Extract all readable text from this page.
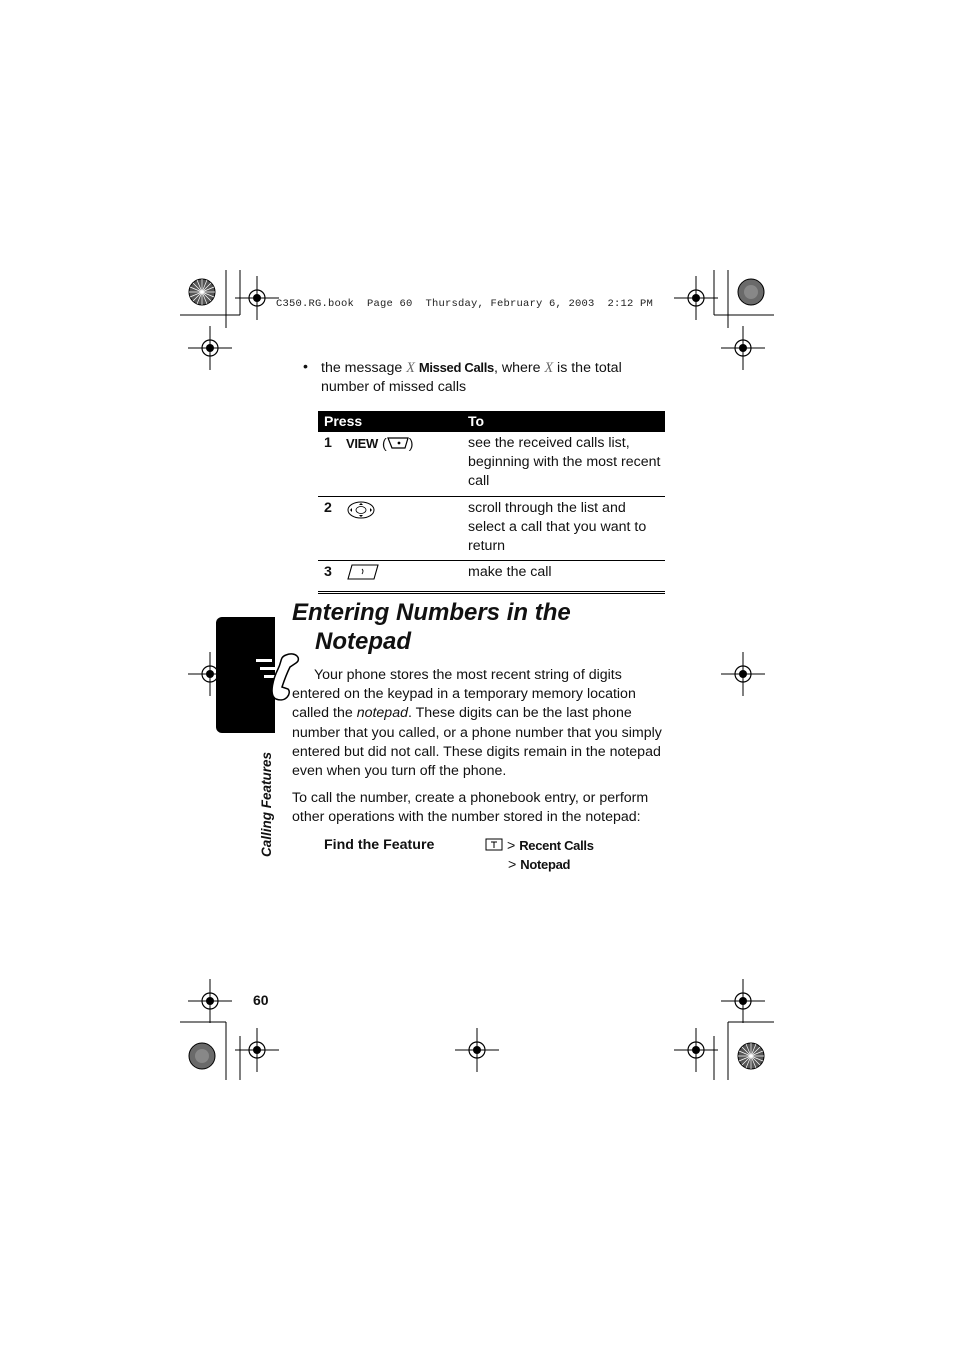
C350.RG.book  Page 60  Thursday, February 6, 2003  2:12 PM
• the message X Missed Calls, where X is the total number of missed calls
Press		To
1	VIEW ( )	see the received calls list, beginning with the most recent call
2		scroll through the list and select a call that you want to return
3		make the call
Entering Numbers in the
Notepad
Calling Features
Your phone stores the most recent string of digits entered on the keypad in a temporary memory location called the notepad. These digits can be the last phone number that you called, or a phone number that you simply entered but did not call. These digits remain in the notepad even when you turn off the phone.
To call the number, create a phonebook entry, or perform other operations with the number stored in the notepad:
Find the Feature	> Recent Calls
> Notepad
60
